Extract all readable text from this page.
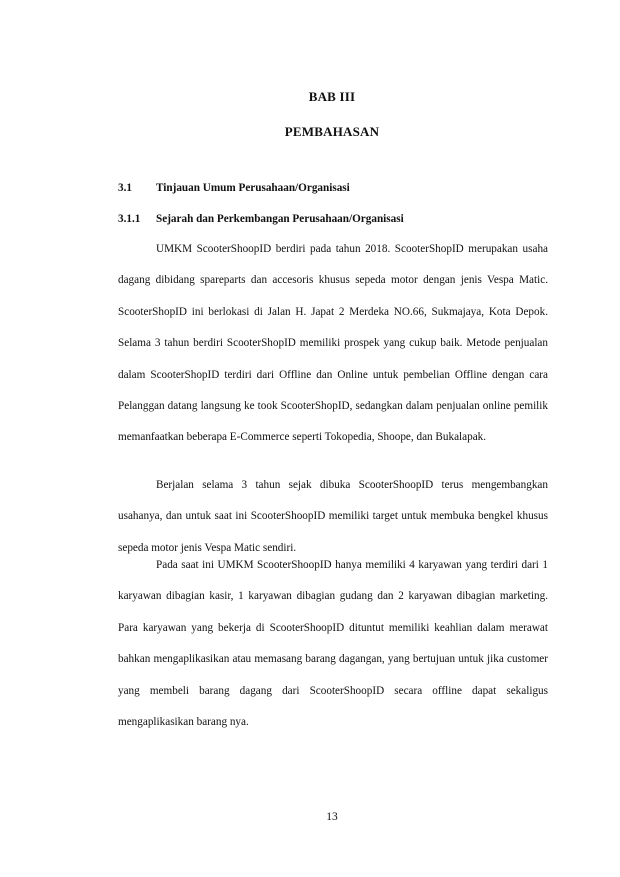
BAB III
PEMBAHASAN
3.1 Tinjauan Umum Perusahaan/Organisasi
3.1.1 Sejarah dan Perkembangan Perusahaan/Organisasi

UMKM ScooterShoopID berdiri pada tahun 2018. ScooterShopID merupakan usaha dagang dibidang spareparts dan accesoris khusus sepeda motor dengan jenis Vespa Matic. ScooterShopID ini berlokasi di Jalan H. Japat 2 Merdeka NO.66, Sukmajaya, Kota Depok. Selama 3 tahun berdiri ScooterShopID memiliki prospek yang cukup baik. Metode penjualan dalam ScooterShopID terdiri dari Offline dan Online untuk pembelian Offline dengan cara Pelanggan datang langsung ke took ScooterShopID, sedangkan dalam penjualan online pemilik memanfaatkan beberapa E-Commerce seperti Tokopedia, Shoope, dan Bukalapak.

Berjalan selama 3 tahun sejak dibuka ScooterShoopID terus mengembangkan usahanya, dan untuk saat ini ScooterShoopID memiliki target untuk membuka bengkel khusus sepeda motor jenis Vespa Matic sendiri.

Pada saat ini UMKM ScooterShoopID hanya memiliki 4 karyawan yang terdiri dari 1 karyawan dibagian kasir, 1 karyawan dibagian gudang dan 2 karyawan dibagian marketing. Para karyawan yang bekerja di ScooterShoopID dituntut memiliki keahlian dalam merawat bahkan mengaplikasikan atau memasang barang dagangan, yang bertujuan untuk jika customer yang membeli barang dagang dari ScooterShoopID secara offline dapat sekaligus mengaplikasikan barang nya.

13
